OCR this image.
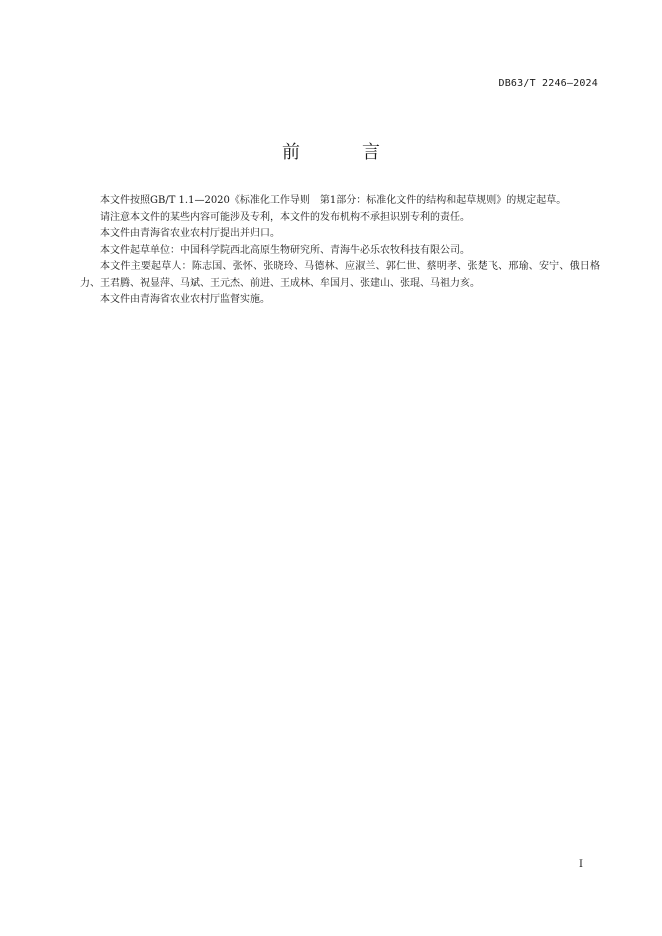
DB63/T 2246—2024
前　言

本文件按照GB/T 1.1—2020《标准化工作导则　第1部分：标准化文件的结构和起草规则》的规定起草。

请注意本文件的某些内容可能涉及专利，本文件的发布机构不承担识别专利的责任。

本文件由青海省农业农村厅提出并归口。

本文件起草单位：中国科学院西北高原生物研究所、青海牛必乐农牧科技有限公司。

本文件主要起草人：陈志国、张怀、张晓玲、马德林、应淑兰、郭仁世、蔡明孝、张楚飞、邢瑜、安宁、俄日格力、王君腾、祝显萍、马斌、王元杰、前进、王成林、牟国月、张建山、张琨、马祖力亥。

本文件由青海省农业农村厅监督实施。

I
